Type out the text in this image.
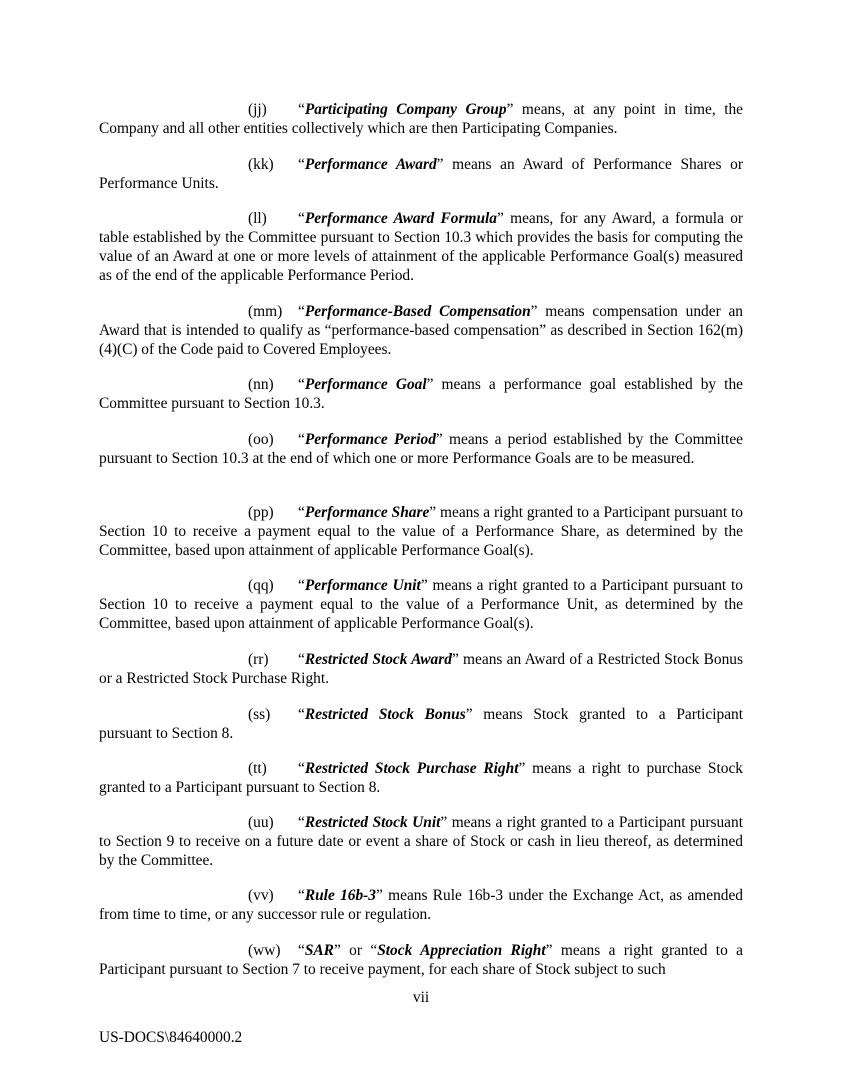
(jj) “Participating Company Group” means, at any point in time, the Company and all other entities collectively which are then Participating Companies.

(kk) “Performance Award” means an Award of Performance Shares or Performance Units.

(ll) “Performance Award Formula” means, for any Award, a formula or table established by the Committee pursuant to Section 10.3 which provides the basis for computing the value of an Award at one or more levels of attainment of the applicable Performance Goal(s) measured as of the end of the applicable Performance Period.

(mm) “Performance-Based Compensation” means compensation under an Award that is intended to qualify as “performance-based compensation” as described in Section 162(m)(4)(C) of the Code paid to Covered Employees.

(nn) “Performance Goal” means a performance goal established by the Committee pursuant to Section 10.3.

(oo) “Performance Period” means a period established by the Committee pursuant to Section 10.3 at the end of which one or more Performance Goals are to be measured.

(pp) “Performance Share” means a right granted to a Participant pursuant to Section 10 to receive a payment equal to the value of a Performance Share, as determined by the Committee, based upon attainment of applicable Performance Goal(s).

(qq) “Performance Unit” means a right granted to a Participant pursuant to Section 10 to receive a payment equal to the value of a Performance Unit, as determined by the Committee, based upon attainment of applicable Performance Goal(s).

(rr) “Restricted Stock Award” means an Award of a Restricted Stock Bonus or a Restricted Stock Purchase Right.

(ss) “Restricted Stock Bonus” means Stock granted to a Participant pursuant to Section 8.

(tt) “Restricted Stock Purchase Right” means a right to purchase Stock granted to a Participant pursuant to Section 8.

(uu) “Restricted Stock Unit” means a right granted to a Participant pursuant to Section 9 to receive on a future date or event a share of Stock or cash in lieu thereof, as determined by the Committee.

(vv) “Rule 16b-3” means Rule 16b-3 under the Exchange Act, as amended from time to time, or any successor rule or regulation.

(ww) “SAR” or “Stock Appreciation Right” means a right granted to a Participant pursuant to Section 7 to receive payment, for each share of Stock subject to such

vii
US-DOCS\84640000.2
